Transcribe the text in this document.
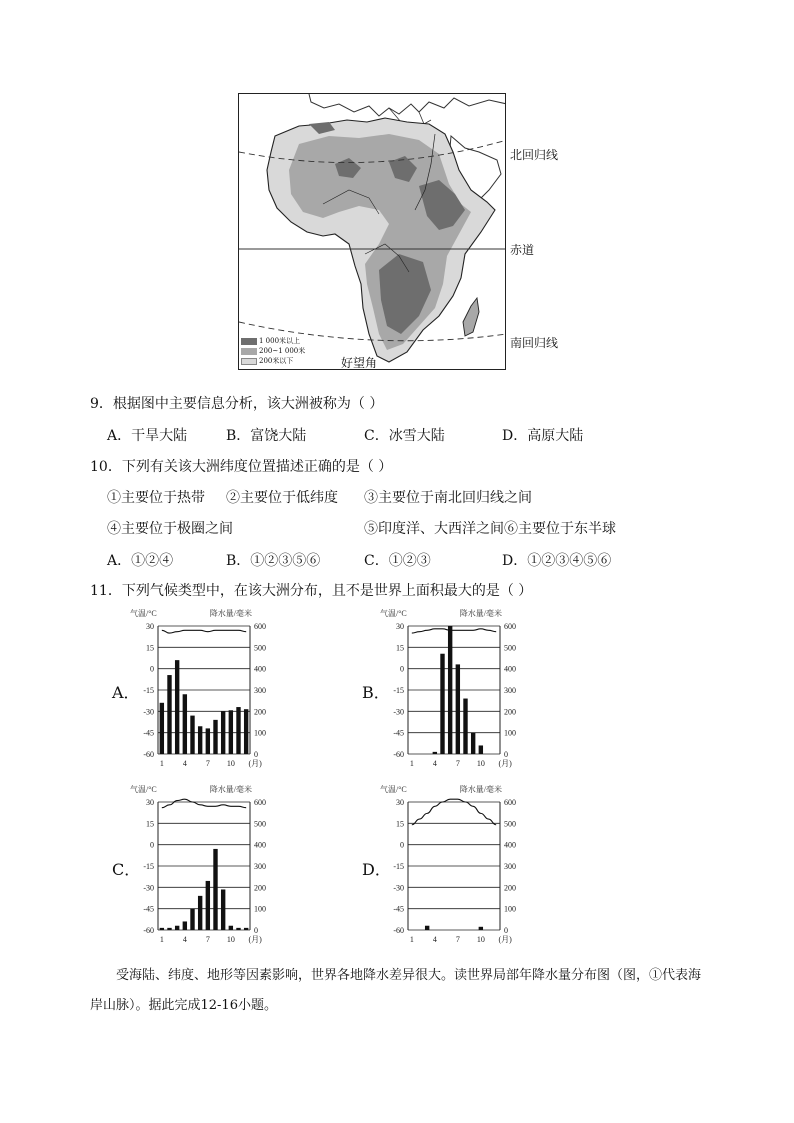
1 000米以上
200~1 000米
200米以下	好望角
北回归线
赤道
南回归线
9．根据图中主要信息分析，该大洲被称为（ ）
A．干旱大陆	B．富饶大陆	C．冰雪大陆	D．高原大陆
10．下列有关该大洲纬度位置描述正确的是（ ）
①主要位于热带 ②主要位于低纬度 ③主要位于南北回归线之间
④主要位于极圈之间	⑤印度洋、大西洋之间⑥主要位于东半球
A．①②④	B．①②③⑤⑥	C．①②③	D．①②③④⑤⑥
11．下列气候类型中，在该大洲分布，且不是世界上面积最大的是（ ）
A．	B．
C．	D．
气温/°C	降水量/毫米
30
15
0
-15
-30
-45
-60
600
500
400
300
200
100
0
1 4 7 10 (月)
气温/°C	降水量/毫米
30
15
0
-15
-30
-45
-60
600
500
400
300
200
100
0
1 4 7 10 (月)
气温/°C	降水量/毫米
30
15
0
-15
-30
-45
-60
600
500
400
300
200
100
0
1 4 7 10 (月)
气温/°C	降水量/毫米
30
15
0
-15
-30
-45
-60
600
500
400
300
200
100
0
1 4 7 10 (月)
受海陆、纬度、地形等因素影响，世界各地降水差异很大。读世界局部年降水量分布图（图，①代表海岸山脉）。据此完成12-16小题。
